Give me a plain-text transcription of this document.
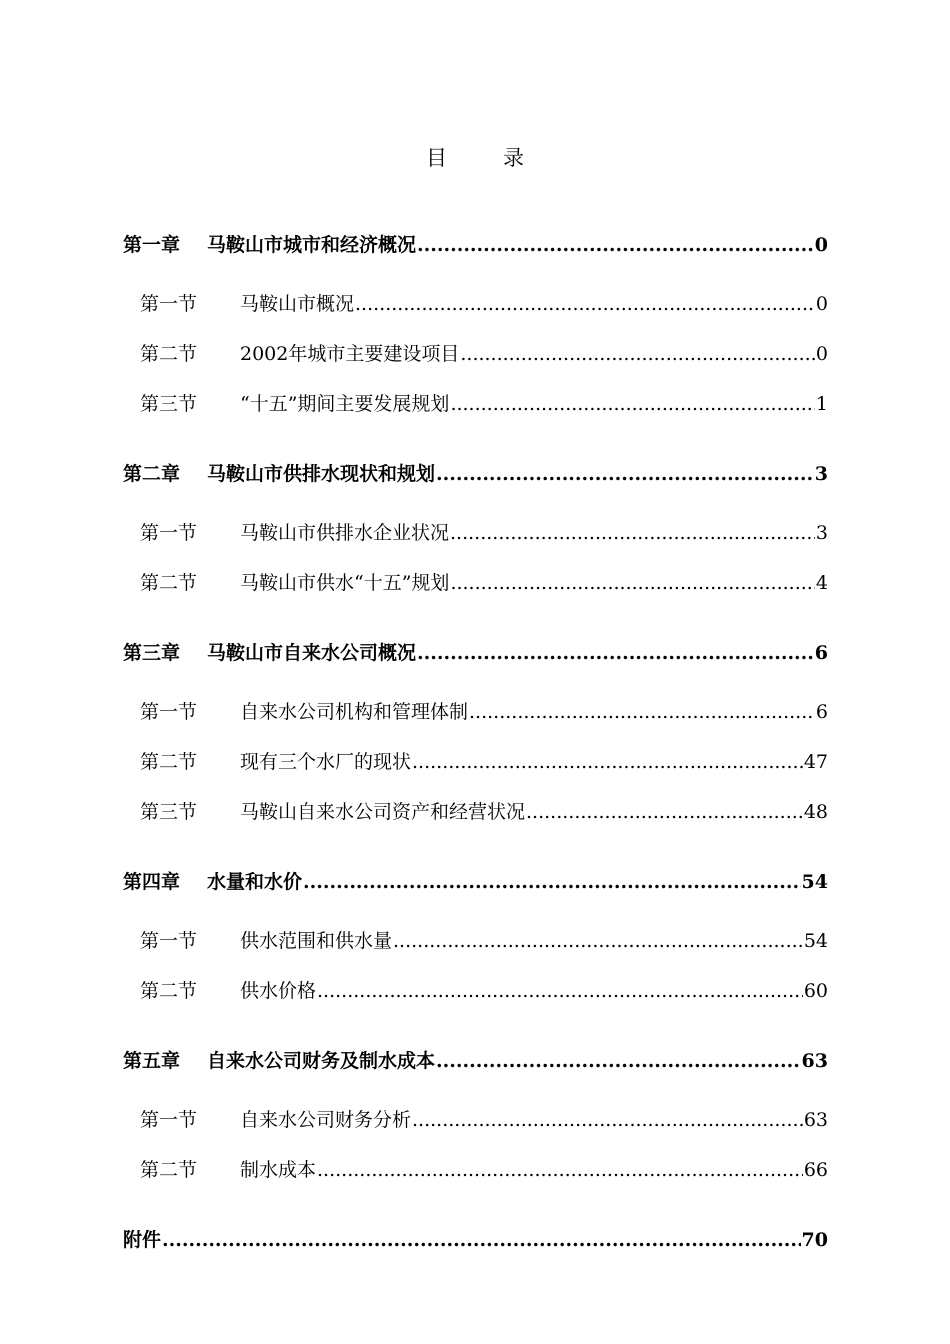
目	录
第一章	马鞍山市城市和经济概况 .....	0
第一节	马鞍山市概况 .....	0
第二节	2002年城市主要建设项目 .....	0
第三节	“十五”期间主要发展规划 .....	1
第二章	马鞍山市供排水现状和规划 .....	3
第一节	马鞍山市供排水企业状况 .....	3
第二节	马鞍山市供水“十五”规划 .....	4
第三章	马鞍山市自来水公司概况 .....	6
第一节	自来水公司机构和管理体制 .....	6
第二节	现有三个水厂的现状 .....	47
第三节	马鞍山自来水公司资产和经营状况 .....	48
第四章	水量和水价 .....	54
第一节	供水范围和供水量 .....	54
第二节	供水价格 .....	60
第五章	自来水公司财务及制水成本 .....	63
第一节	自来水公司财务分析 .....	63
第二节	制水成本 .....	66
附件 .....	70
